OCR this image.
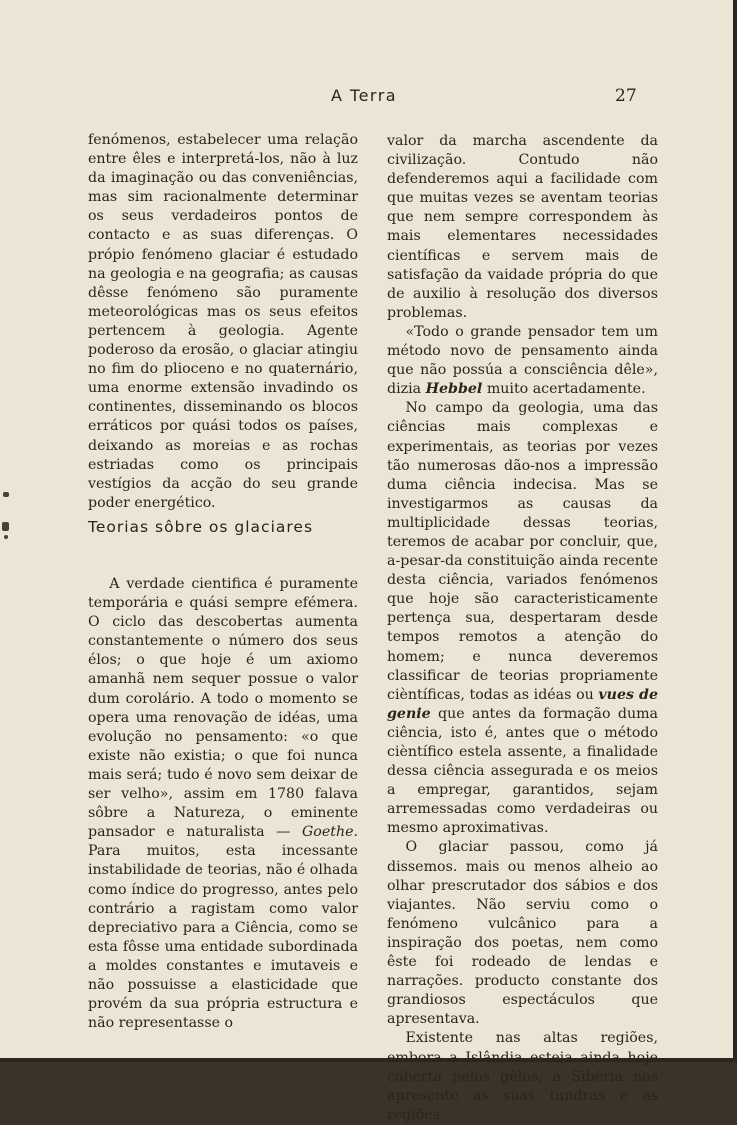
A Terra	27

fenómenos, estabelecer uma relação entre êles e interpretá-los, não à luz da imaginação ou das conveniências, mas sim racionalmente determinar os seus verdadeiros pontos de contacto e as suas diferenças. O própio fenómeno glaciar é estudado na geologia e na geografia; as causas dêsse fenómeno são puramente meteorológicas mas os seus efeitos pertencem à geologia. Agente poderoso da erosão, o glaciar atingiu no fim do plioceno e no quaternário, uma enorme extensão invadindo os continentes, disseminando os blocos erráticos por quási todos os países, deixando as moreias e as rochas estriadas como os principais vestígios da acção do seu grande poder energético.

Teorias sôbre os glaciares

A verdade cientifica é puramente temporária e quási sempre efémera. O ciclo das descobertas aumenta constantemente o número dos seus élos; o que hoje é um axiomo amanhã nem sequer possue o valor dum corolário. A todo o momento se opera uma renovação de idéas, uma evolução no pensamento: «o que existe não existia; o que foi nunca mais será; tudo é novo sem deixar de ser velho», assim em 1780 falava sôbre a Natureza, o eminente pansador e naturalista — Goethe. Para muitos, esta incessante instabilidade de teorias, não é olhada como índice do progresso, antes pelo contrário a ragistam como valor depreciativo para a Ciência, como se esta fôsse uma entidade subordinada a moldes constantes e imutaveis e não possuisse a elasticidade que provém da sua própria estructura e não representasse o

valor da marcha ascendente da civilização. Contudo não defenderemos aqui a facilidade com que muitas vezes se aventam teorias que nem sempre correspondem às mais elementares necessidades científicas e servem mais de satisfação da vaidade própria do que de auxilio à resolução dos diversos problemas.

«Todo o grande pensador tem um método novo de pensamento ainda que não possúa a consciência dêle», dizia Hebbel muito acertadamente.

No campo da geologia, uma das ciências mais complexas e experimentais, as teorias por vezes tão numerosas dão-nos a impressão duma ciência indecisa. Mas se investigarmos as causas da multiplicidade dessas teorias, teremos de acabar por concluir, que, a-pesar-da constituição ainda recente desta ciência, variados fenómenos que hoje são caracteristicamente pertença sua, despertaram desde tempos remotos a atenção do homem; e nunca deveremos classificar de teorias propriamente cièntíficas, todas as idéas ou vues de genie que antes da formação duma ciência, isto é, antes que o método cièntífico estela assente, a finalidade dessa ciência assegurada e os meios a empregar, garantidos, sejam arremessadas como verdadeiras ou mesmo aproximativas.

O glaciar passou, como já dissemos. mais ou menos alheio ao olhar prescrutador dos sábios e dos viajantes. Não serviu como o fenómeno vulcânico para a inspiração dos poetas, nem como êste foi rodeado de lendas e narrações. producto constante dos grandiosos espectáculos que apresentava.

Existente nas altas regiões, embora a Islândia esteja ainda hoje coberta pelos gêlos, a Sibéria nos apresente as suas tundras e as regiões
